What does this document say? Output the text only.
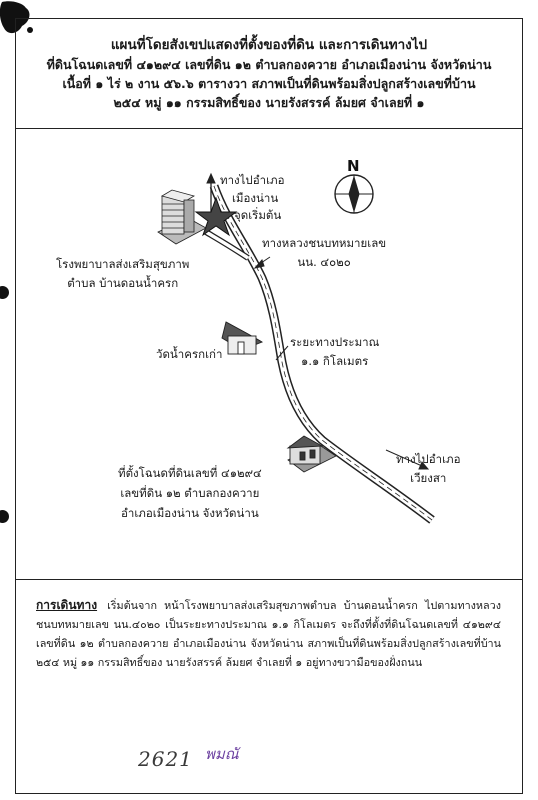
แผนที่โดยสังเขปแสดงที่ตั้งของที่ดิน และการเดินทางไป
ที่ดินโฉนดเลขที่ ๔๑๒๙๔ เลขที่ดิน ๑๒ ตำบลกองควาย อำเภอเมืองน่าน จังหวัดน่าน
เนื้อที่ ๑ ไร่ ๒ งาน ๕๖.๖ ตารางวา สภาพเป็นที่ดินพร้อมสิ่งปลูกสร้างเลขที่บ้าน
๒๕๔ หมู่ ๑๑ กรรมสิทธิ์ของ นายรังสรรค์ ล้มยศ จำเลยที่ ๑
N
ทางไปอำเภอ
เมืองน่าน
จุดเริ่มต้น
ทางหลวงชนบทหมายเลข
นน. ๔๐๒๐
โรงพยาบาลส่งเสริมสุขภาพ
ตำบล บ้านดอนน้ำครก
วัดน้ำครกเก่า
ระยะทางประมาณ
๑.๑ กิโลเมตร
ทางไปอำเภอ
เวียงสา
ที่ตั้งโฉนดที่ดินเลขที่ ๔๑๒๙๔
เลขที่ดิน ๑๒ ตำบลกองควาย
อำเภอเมืองน่าน จังหวัดน่าน
การเดินทาง เริ่มต้นจาก หน้าโรงพยาบาลส่งเสริมสุขภาพตำบล บ้านดอนน้ำครก ไปตามทางหลวงชนบทหมายเลข นน.๔๐๒๐ เป็นระยะทางประมาณ ๑.๑ กิโลเมตร จะถึงที่ตั้งที่ดินโฉนดเลขที่ ๔๑๒๙๔ เลขที่ดิน ๑๒ ตำบลกองควาย อำเภอเมืองน่าน จังหวัดน่าน สภาพเป็นที่ดินพร้อมสิ่งปลูกสร้างเลขที่บ้าน ๒๕๔ หมู่ ๑๑ กรรมสิทธิ์ของ นายรังสรรค์ ล้มยศ จำเลยที่ ๑ อยู่ทางขวามือของฝั่งถนน
2621 พมณั
